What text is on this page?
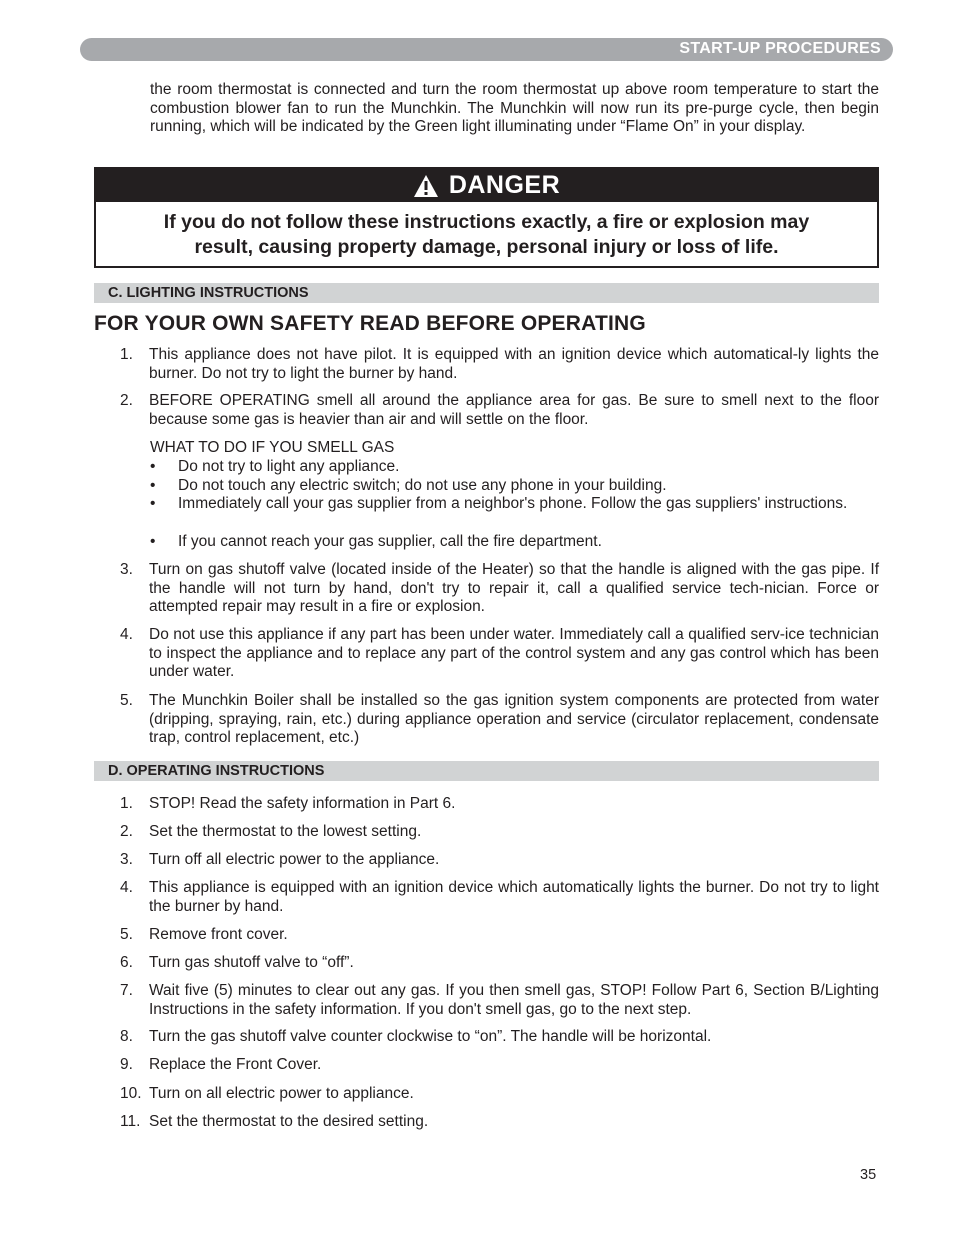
START-UP PROCEDURES

the room thermostat is connected and turn the room thermostat up above room temperature to start the combustion blower fan to run the Munchkin. The Munchkin will now run its pre-purge cycle, then begin running, which will be indicated by the Green light illuminating under “Flame On” in your display.

DANGER
If you do not follow these instructions exactly, a fire or explosion may
result, causing property damage, personal injury or loss of life.
C. LIGHTING INSTRUCTIONS
FOR YOUR OWN SAFETY READ BEFORE OPERATING
1.	This appliance does not have pilot. It is equipped with an ignition device which automatical-ly lights the burner. Do not try to light the burner by hand.
2.	BEFORE OPERATING smell all around the appliance area for gas. Be sure to smell next to the floor because some gas is heavier than air and will settle on the floor.
WHAT TO DO IF YOU SMELL GAS
•	Do not try to light any appliance.
•	Do not touch any electric switch; do not use any phone in your building.
•	Immediately call your gas supplier from a neighbor's phone. Follow the gas suppliers' instructions.
•	If you cannot reach your gas supplier, call the fire department.
3.	Turn on gas shutoff valve (located inside of the Heater) so that the handle is aligned with the gas pipe. If the handle will not turn by hand, don't try to repair it, call a qualified service tech-nician. Force or attempted repair may result in a fire or explosion.
4.	Do not use this appliance if any part has been under water. Immediately call a qualified serv-ice technician to inspect the appliance and to replace any part of the control system and any gas control which has been under water.
5.	The Munchkin Boiler shall be installed so the gas ignition system components are protected from water (dripping, spraying, rain, etc.) during appliance operation and service (circulator replacement, condensate trap, control replacement, etc.)
D. OPERATING INSTRUCTIONS
1.	STOP! Read the safety information in Part 6.
2.	Set the thermostat to the lowest setting.
3.	Turn off all electric power to the appliance.
4.	This appliance is equipped with an ignition device which automatically lights the burner. Do not try to light the burner by hand.
5.	Remove front cover.
6.	Turn gas shutoff valve to “off”.
7.	Wait five (5) minutes to clear out any gas. If you then smell gas, STOP! Follow Part 6, Section B/Lighting Instructions in the safety information. If you don't smell gas, go to the next step.
8.	Turn the gas shutoff valve counter clockwise to “on”. The handle will be horizontal.
9.	Replace the Front Cover.
10. Turn on all electric power to appliance.
11. Set the thermostat to the desired setting.
35
